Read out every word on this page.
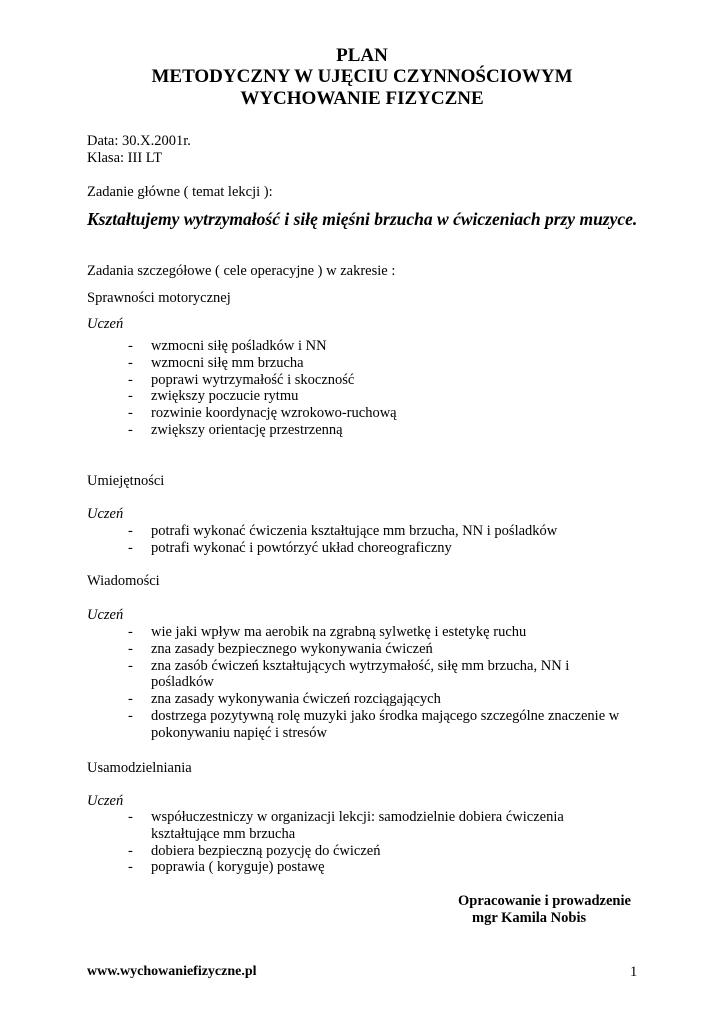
PLAN
METODYCZNY W UJĘCIU CZYNNOŚCIOWYM
WYCHOWANIE FIZYCZNE
Data: 30.X.2001r.
Klasa: III LT
Zadanie główne ( temat lekcji ):
Kształtujemy wytrzymałość i siłę mięśni brzucha w ćwiczeniach przy muzyce.
Zadania szczegółowe ( cele operacyjne ) w zakresie :
Sprawności motorycznej
Uczeń
- wzmocni siłę pośladków i NN
- wzmocni siłę mm brzucha
- poprawi wytrzymałość i skoczność
- zwiększy poczucie rytmu
- rozwinie koordynację wzrokowo-ruchową
- zwiększy orientację przestrzenną
Umiejętności
Uczeń
- potrafi wykonać ćwiczenia kształtujące mm brzucha, NN i pośladków
- potrafi wykonać i powtórzyć układ choreograficzny
Wiadomości
Uczeń
- wie jaki wpływ ma aerobik na zgrabną sylwetkę i estetykę ruchu
- zna zasady bezpiecznego wykonywania ćwiczeń
- zna zasób ćwiczeń kształtujących wytrzymałość, siłę mm brzucha, NN i pośladków
- zna zasady wykonywania ćwiczeń rozciągających
- dostrzega pozytywną rolę muzyki jako środka mającego szczególne znaczenie w pokonywaniu napięć i stresów
Usamodzielniania
Uczeń
- współuczestniczy w organizacji lekcji: samodzielnie dobiera ćwiczenia kształtujące mm brzucha
- dobiera bezpieczną pozycję do ćwiczeń
- poprawia ( koryguje) postawę
Opracowanie i prowadzenie
mgr Kamila Nobis
www.wychowaniefizyczne.pl	1
